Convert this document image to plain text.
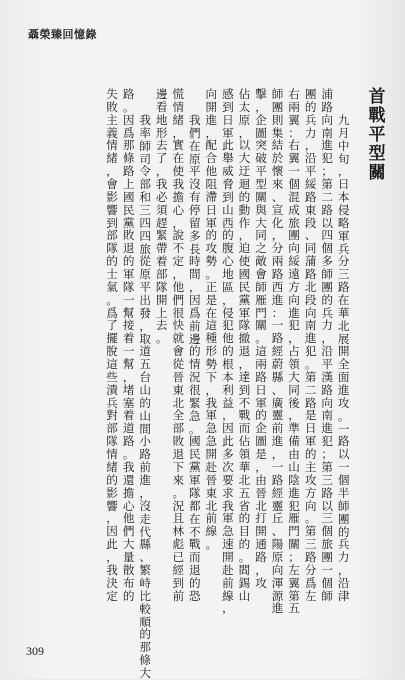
聶榮臻回憶錄
首戰平型關
九月中旬，日本侵略軍兵分三路在華北展開全面進攻。一路以一個半師團的兵力，沿津
浦路向南進犯；第二路以四個多師團的兵力，沿平漢路向南進犯；第三路以三個旅團一個師
團的兵力，沿平綏路東段、同蒲路北段向南進犯。第二路是日軍的主攻方向。第三路分爲左
右兩翼：右翼一個混成旅團向綏遠方向進犯，占領大同後，準備由山陰進犯雁門關；左翼第五
師團則集結於懷來、宣化，分兩路西進：一路經蔚縣、廣靈前進，一路經靈丘、陽原向渾源進
擊，企圖突破平型關與大同之敵會師雁門關。這兩路日軍的企圖是，由晉北打開通路，攻
佔太原，以大迂迴的動作，迫使國民黨軍隊撤退，達到不戰而佔領華北五省的目的。閻錫山
感到日軍此舉威脅到山西的腹心地區，侵犯他的根本利益，因此多次要求我軍急速開赴前線，
向開進，配合他阻滯日軍的攻勢。正是在這種形勢下，我軍急急開赴晉東北前線。
我們在原平沒有停留多長時間，因爲前邊的情況很緊急。國民黨軍隊都在不戰而退的恐
慌情緒，實在使我擔心，說不定，他們很快就會從晉東北全部敗退下來。況且林彪已經到前
邊看地形去了，我必須趕緊帶着部隊開上去。
我率師司令部和三四四旅從原平出發，取道五台山的山間小路前進，沒走代縣、繁峙比較順的那條大
路。因爲那條路上國民黨敗退的軍隊一幫接着一幫，堵塞着道路。我還擔心他們大量散布的
失敗主義情緒，會影響到部隊的士氣。爲了擺脫這些潰兵對部隊情緒的影響，因此，我決定
309
